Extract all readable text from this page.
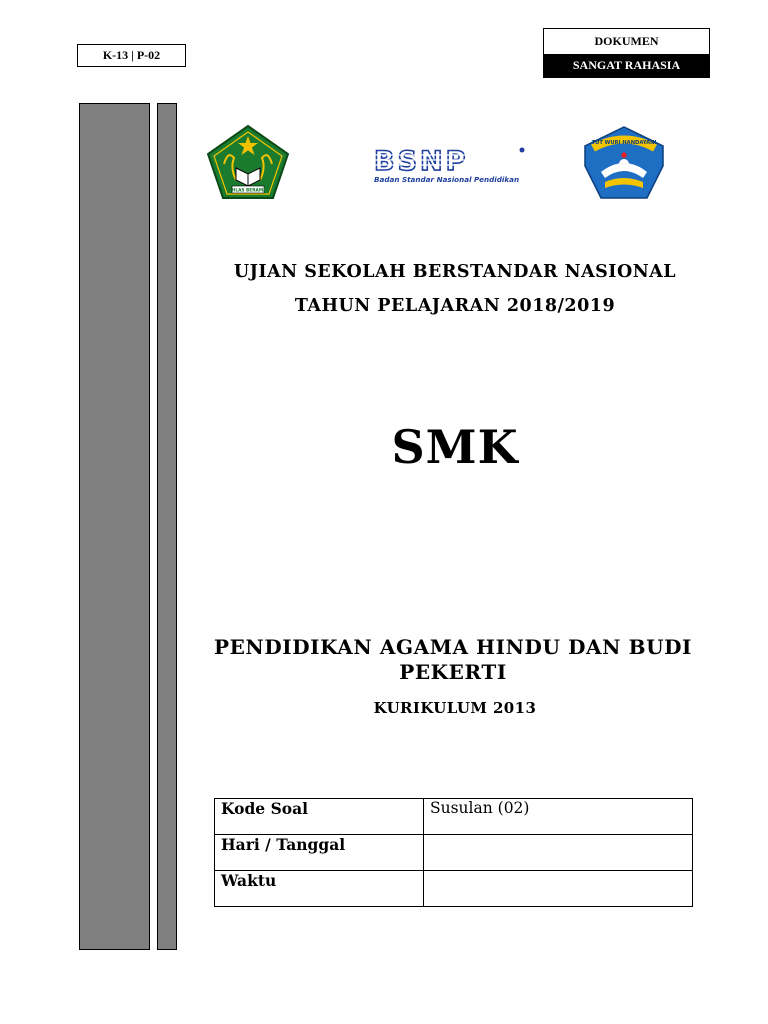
K-13 | P-02
DOKUMEN
SANGAT RAHASIA
IKHLAS BERAMAL
BSNP
Badan Standar Nasional Pendidikan
TUT WURI HANDAYANI
UJIAN SEKOLAH BERSTANDAR NASIONAL
TAHUN PELAJARAN 2018/2019
SMK
PENDIDIKAN AGAMA HINDU DAN BUDI PEKERTI
KURIKULUM 2013
Kode Soal	Susulan (02)
Hari / Tanggal	
Waktu	
